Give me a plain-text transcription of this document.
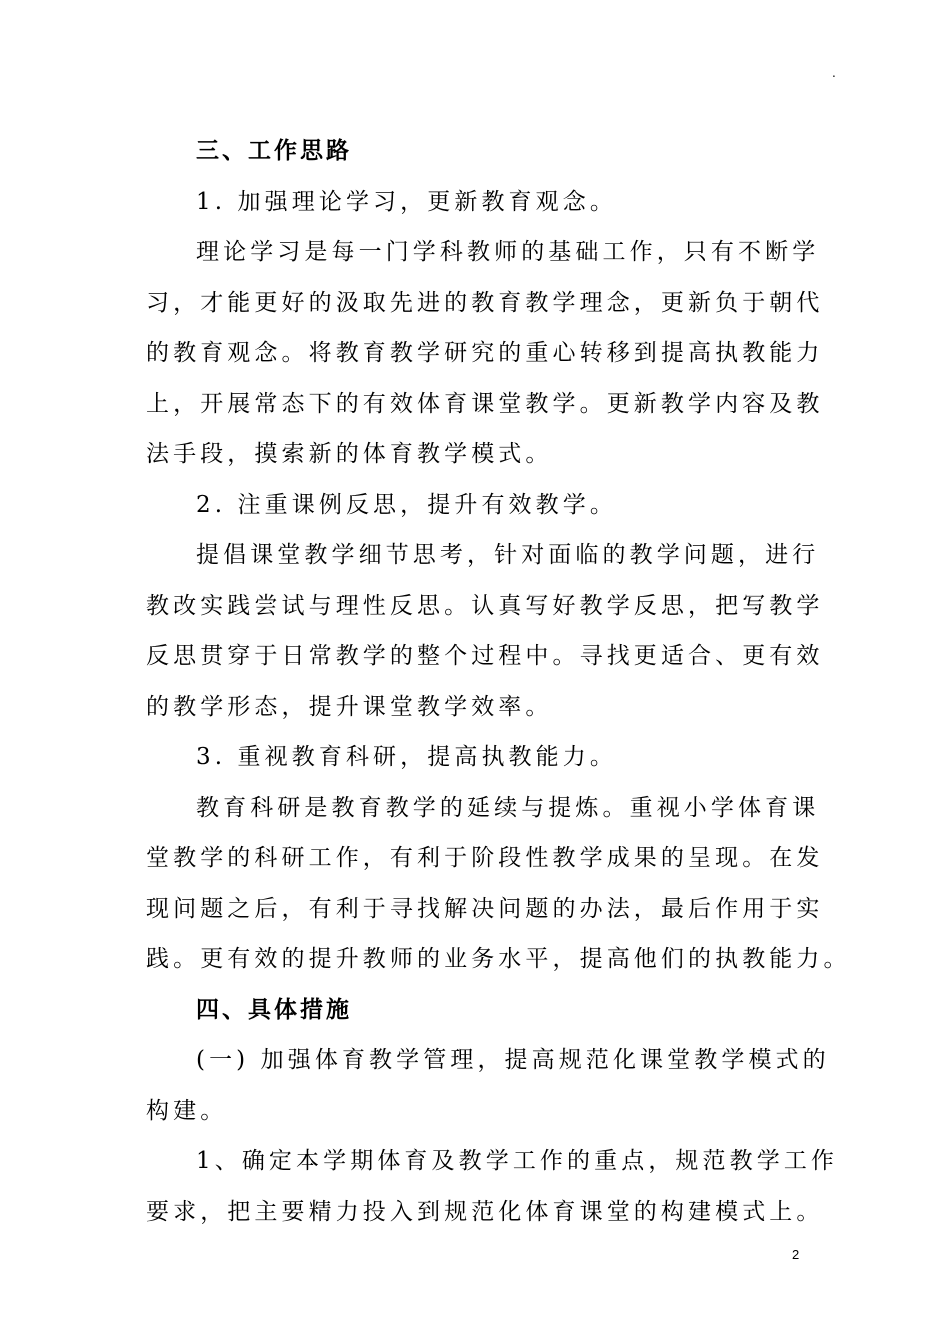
.
三、工作思路
1. 加强理论学习，更新教育观念。
理论学习是每一门学科教师的基础工作，只有不断学
习，才能更好的汲取先进的教育教学理念，更新负于朝代
的教育观念。将教育教学研究的重心转移到提高执教能力
上，开展常态下的有效体育课堂教学。更新教学内容及教
法手段，摸索新的体育教学模式。
2. 注重课例反思，提升有效教学。
提倡课堂教学细节思考，针对面临的教学问题，进行
教改实践尝试与理性反思。认真写好教学反思，把写教学
反思贯穿于日常教学的整个过程中。寻找更适合、更有效
的教学形态，提升课堂教学效率。
3. 重视教育科研，提高执教能力。
教育科研是教育教学的延续与提炼。重视小学体育课
堂教学的科研工作，有利于阶段性教学成果的呈现。在发
现问题之后，有利于寻找解决问题的办法，最后作用于实
践。更有效的提升教师的业务水平，提高他们的执教能力。
四、具体措施
(一) 加强体育教学管理，提高规范化课堂教学模式的
构建。
1、确定本学期体育及教学工作的重点，规范教学工作
要求，把主要精力投入到规范化体育课堂的构建模式上。
2
